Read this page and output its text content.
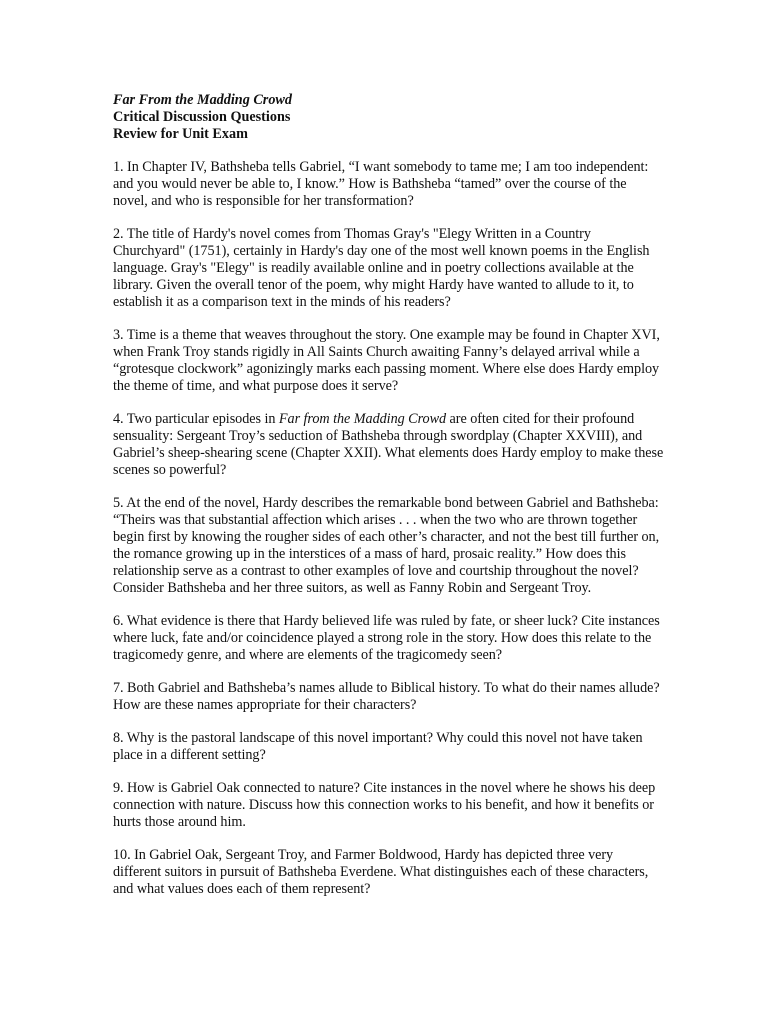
Far From the Madding Crowd
Critical Discussion Questions
Review for Unit Exam

1. In Chapter IV, Bathsheba tells Gabriel, “I want somebody to tame me; I am too independent: and you would never be able to, I know.” How is Bathsheba “tamed” over the course of the novel, and who is responsible for her transformation?

2. The title of Hardy's novel comes from Thomas Gray's "Elegy Written in a Country Churchyard" (1751), certainly in Hardy's day one of the most well known poems in the English language. Gray's "Elegy" is readily available online and in poetry collections available at the library. Given the overall tenor of the poem, why might Hardy have wanted to allude to it, to establish it as a comparison text in the minds of his readers?

3. Time is a theme that weaves throughout the story. One example may be found in Chapter XVI, when Frank Troy stands rigidly in All Saints Church awaiting Fanny’s delayed arrival while a “grotesque clockwork” agonizingly marks each passing moment. Where else does Hardy employ the theme of time, and what purpose does it serve?

4. Two particular episodes in Far from the Madding Crowd are often cited for their profound sensuality: Sergeant Troy’s seduction of Bathsheba through swordplay (Chapter XXVIII), and Gabriel’s sheep-shearing scene (Chapter XXII). What elements does Hardy employ to make these scenes so powerful?

5. At the end of the novel, Hardy describes the remarkable bond between Gabriel and Bathsheba: “Theirs was that substantial affection which arises . . . when the two who are thrown together begin first by knowing the rougher sides of each other’s character, and not the best till further on, the romance growing up in the interstices of a mass of hard, prosaic reality.” How does this relationship serve as a contrast to other examples of love and courtship throughout the novel? Consider Bathsheba and her three suitors, as well as Fanny Robin and Sergeant Troy.

6. What evidence is there that Hardy believed life was ruled by fate, or sheer luck? Cite instances where luck, fate and/or coincidence played a strong role in the story. How does this relate to the tragicomedy genre, and where are elements of the tragicomedy seen?

7. Both Gabriel and Bathsheba’s names allude to Biblical history. To what do their names allude? How are these names appropriate for their characters?

8. Why is the pastoral landscape of this novel important? Why could this novel not have taken place in a different setting?

9. How is Gabriel Oak connected to nature? Cite instances in the novel where he shows his deep connection with nature. Discuss how this connection works to his benefit, and how it benefits or hurts those around him.

10. In Gabriel Oak, Sergeant Troy, and Farmer Boldwood, Hardy has depicted three very different suitors in pursuit of Bathsheba Everdene. What distinguishes each of these characters, and what values does each of them represent?
